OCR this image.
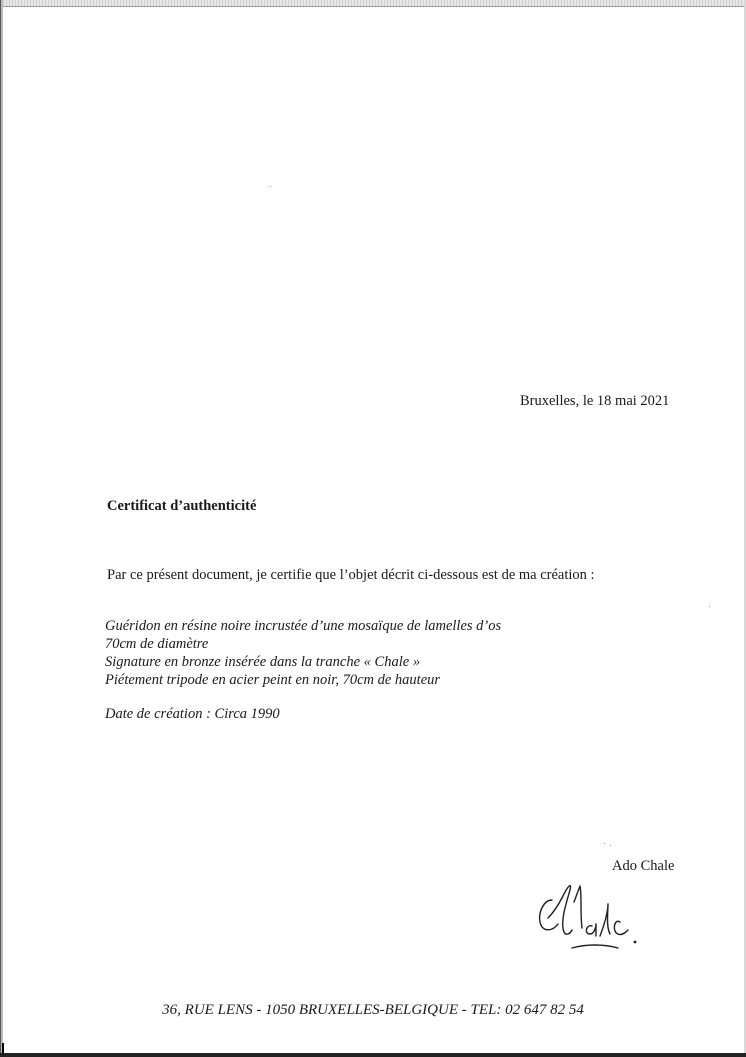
Bruxelles, le 18 mai 2021
Certificat d’authenticité
Par ce présent document, je certifie que l’objet décrit ci-dessous est de ma création :
Guéridon en résine noire incrustée d’une mosaïque de lamelles d’os
70cm de diamètre
Signature en bronze insérée dans la tranche « Chale »
Piétement tripode en acier peint en noir, 70cm de hauteur
Date de création : Circa 1990
Ado Chale
36, RUE LENS - 1050 BRUXELLES-BELGIQUE - TEL: 02 647 82 54
